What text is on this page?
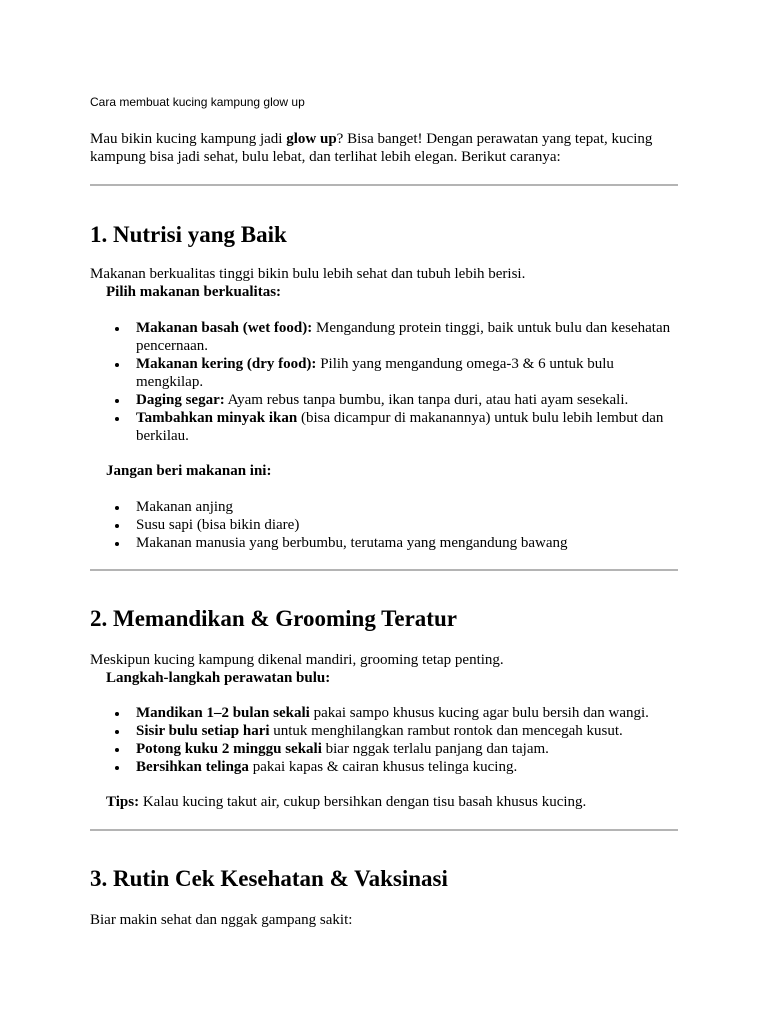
Cara membuat kucing kampung glow up

Mau bikin kucing kampung jadi glow up? Bisa banget! Dengan perawatan yang tepat, kucing kampung bisa jadi sehat, bulu lebat, dan terlihat lebih elegan. Berikut caranya:

1. Nutrisi yang Baik

Makanan berkualitas tinggi bikin bulu lebih sehat dan tubuh lebih berisi.

Pilih makanan berkualitas:

Makanan basah (wet food): Mengandung protein tinggi, baik untuk bulu dan kesehatan pencernaan.
Makanan kering (dry food): Pilih yang mengandung omega-3 & 6 untuk bulu mengkilap.
Daging segar: Ayam rebus tanpa bumbu, ikan tanpa duri, atau hati ayam sesekali.
Tambahkan minyak ikan (bisa dicampur di makanannya) untuk bulu lebih lembut dan berkilau.

Jangan beri makanan ini:

Makanan anjing
Susu sapi (bisa bikin diare)
Makanan manusia yang berbumbu, terutama yang mengandung bawang
2. Memandikan & Grooming Teratur

Meskipun kucing kampung dikenal mandiri, grooming tetap penting.

Langkah-langkah perawatan bulu:

Mandikan 1–2 bulan sekali pakai sampo khusus kucing agar bulu bersih dan wangi.
Sisir bulu setiap hari untuk menghilangkan rambut rontok dan mencegah kusut.
Potong kuku 2 minggu sekali biar nggak terlalu panjang dan tajam.
Bersihkan telinga pakai kapas & cairan khusus telinga kucing.

Tips: Kalau kucing takut air, cukup bersihkan dengan tisu basah khusus kucing.

3. Rutin Cek Kesehatan & Vaksinasi

Biar makin sehat dan nggak gampang sakit:
